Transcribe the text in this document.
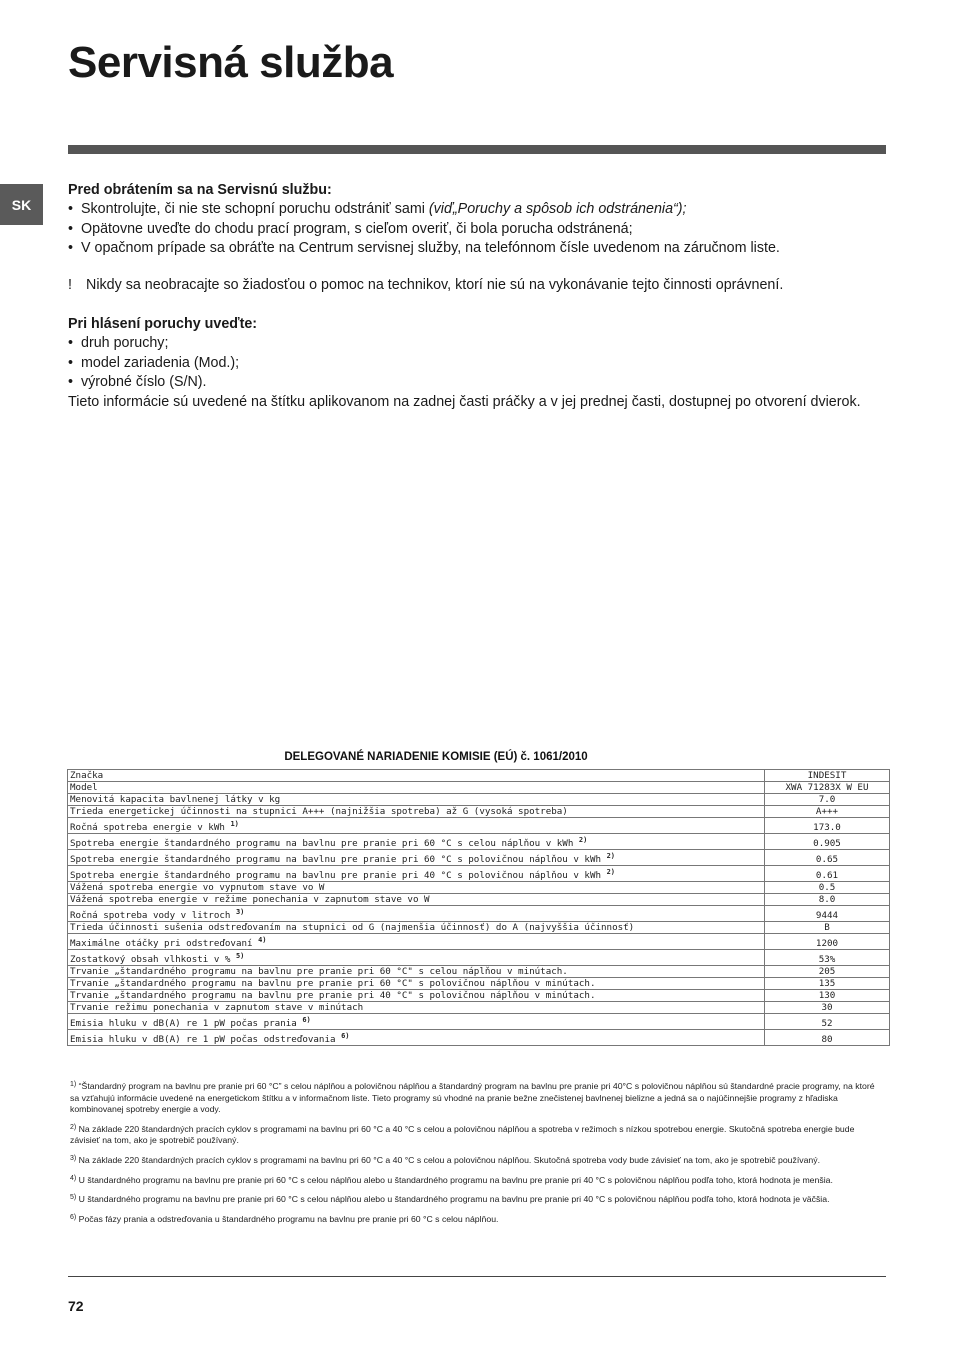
Servisná služba
SK

Pred obrátením sa na Servisnú službu:

• Skontrolujte, či nie ste schopní poruchu odstrániť sami (viď„Poruchy a spôsob ich odstránenia“);

• Opätovne uveďte do chodu prací program, s cieľom overiť, či bola porucha odstránená;

• V opačnom prípade sa obráťte na Centrum servisnej služby, na telefónnom čísle uvedenom na záručnom liste.

! Nikdy sa neobracajte so žiadosťou o pomoc na technikov, ktorí nie sú na vykonávanie tejto činnosti oprávnení.

Pri hlásení poruchy uveďte:

• druh poruchy;

• model zariadenia (Mod.);

• výrobné číslo (S/N).

Tieto informácie sú uvedené na štítku aplikovanom na zadnej časti práčky a v jej prednej časti, dostupnej po otvorení dvierok.

DELEGOVANÉ NARIADENIE KOMISIE (EÚ) č. 1061/2010
Značka	INDESIT
Model	XWA 71283X W EU
Menovitá kapacita bavlnenej látky v kg	7.0
Trieda energetickej účinnosti na stupnici A+++ (najnižšia spotreba) až G (vysoká spotreba)	A+++
Ročná spotreba energie v kWh $^{1)}$	173.0
Spotreba energie štandardného programu na bavlnu pre pranie pri 60 °C s celou náplňou v kWh $^{2)}$	0.905
Spotreba energie štandardného programu na bavlnu pre pranie pri 60 °C s polovičnou náplňou v kWh $^{2)}$	0.65
Spotreba energie štandardného programu na bavlnu pre pranie pri 40 °C s polovičnou náplňou v kWh $^{2)}$	0.61
Vážená spotreba energie vo vypnutom stave vo W	0.5
Vážená spotreba energie v režime ponechania v zapnutom stave vo W	8.0
Ročná spotreba vody v litroch $^{3)}$	9444
Trieda účinnosti sušenia odstreďovaním na stupnici od G (najmenšia účinnosť) do A (najvyššia účinnosť)	B
Maximálne otáčky pri odstreďovaní $^{4)}$	1200
Zostatkový obsah vlhkosti v % $^{5)}$	53%
Trvanie „štandardného programu na bavlnu pre pranie pri 60 °C" s celou náplňou v minútach.	205
Trvanie „štandardného programu na bavlnu pre pranie pri 60 °C" s polovičnou náplňou v minútach.	135
Trvanie „štandardného programu na bavlnu pre pranie pri 40 °C" s polovičnou náplňou v minútach.	130
Trvanie režimu ponechania v zapnutom stave v minútach	30
Emisia hluku v dB(A) re 1 pW počas prania $^{6)}$	52
Emisia hluku v dB(A) re 1 pW počas odstreďovania $^{6)}$	80

$^{1)}$ “Štandardný program na bavlnu pre pranie pri 60 °C” s celou náplňou a polovičnou náplňou a štandardný program na bavlnu pre pranie pri 40°C s polovičnou náplňou sú štandardné pracie programy, na ktoré sa vzťahujú informácie uvedené na energetickom štítku a v informačnom liste. Tieto programy sú vhodné na pranie bežne znečistenej bavlnenej bielizne a jedná sa o najúčinnejšie programy z hľadiska kombinovanej spotreby energie a vody.

$^{2)}$ Na základe 220 štandardných pracích cyklov s programami na bavlnu pri 60 °C a 40 °C s celou a polovičnou náplňou a spotreba v režimoch s nízkou spotrebou energie. Skutočná spotreba energie bude závisieť na tom, ako je spotrebič používaný.

$^{3)}$ Na základe 220 štandardných pracích cyklov s programami na bavlnu pri 60 °C a 40 °C s celou a polovičnou náplňou. Skutočná spotreba vody bude závisieť na tom, ako je spotrebič používaný.

$^{4)}$ U štandardného programu na bavlnu pre pranie pri 60 °C s celou náplňou alebo u štandardného programu na bavlnu pre pranie pri 40 °C s polovičnou náplňou podľa toho, ktorá hodnota je menšia.

$^{5)}$ U štandardného programu na bavlnu pre pranie pri 60 °C s celou náplňou alebo u štandardného programu na bavlnu pre pranie pri 40 °C s polovičnou náplňou podľa toho, ktorá hodnota je väčšia.

$^{6)}$ Počas fázy prania a odstreďovania u štandardného programu na bavlnu pre pranie pri 60 °C s celou náplňou.

72
